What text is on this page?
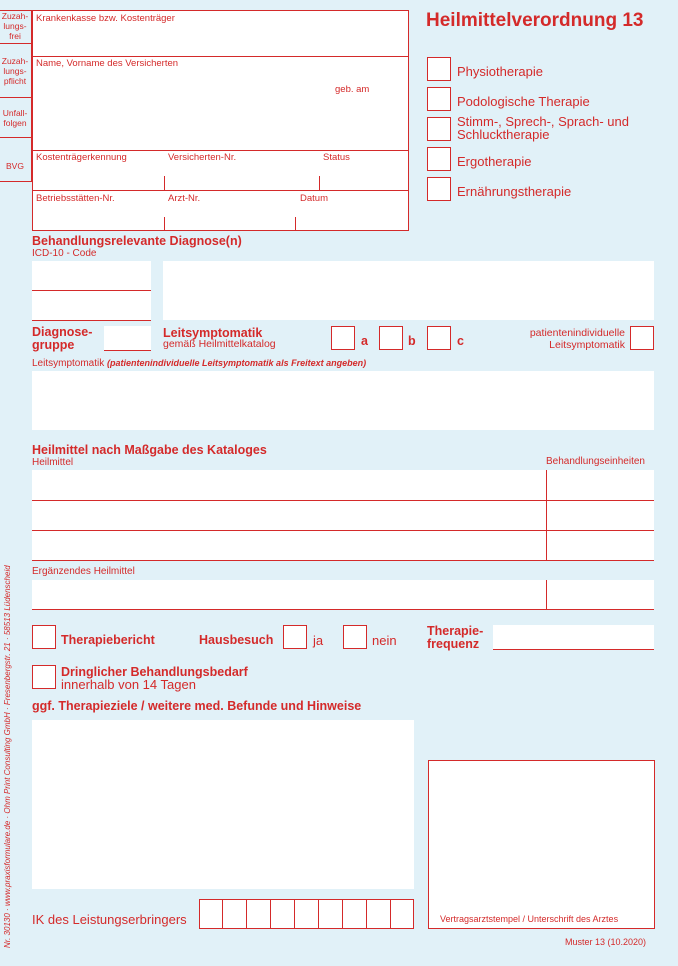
Zuzah-
lungs-
frei
Zuzah-
lungs-
pflicht
Unfall-
folgen
BVG
Krankenkasse bzw. Kostenträger
Name, Vorname des Versicherten
geb. am
Kostenträgerkennung	Versicherten-Nr.	Status
Betriebsstätten-Nr.	Arzt-Nr.	Datum
Heilmittelverordnung 13
Physiotherapie
Podologische Therapie
Stimm-, Sprech-, Sprach- und
Schlucktherapie
Ergotherapie
Ernährungstherapie
Behandlungsrelevante Diagnose(n)
ICD-10 - Code
Diagnose-
gruppe
Leitsymptomatik
gemäß Heilmittelkatalog	a	b	c
patientenindividuelle
Leitsymptomatik
Leitsymptomatik (patientenindividuelle Leitsymptomatik als Freitext angeben)
Heilmittel nach Maßgabe des Kataloges
Heilmittel	Behandlungseinheiten
Ergänzendes Heilmittel
Therapiebericht	Hausbesuch	ja	nein
Therapie-
frequenz
Dringlicher Behandlungsbedarf
innerhalb von 14 Tagen
ggf. Therapieziele / weitere med. Befunde und Hinweise
IK des Leistungserbringers	Vertragsarztstempel / Unterschrift des Arztes
Muster 13 (10.2020)
Nr. 30130 · www.praxisformulare.de · Ohm Print Consulting GmbH · Fresenbergstr. 21 · 58513 Lüdenscheid
